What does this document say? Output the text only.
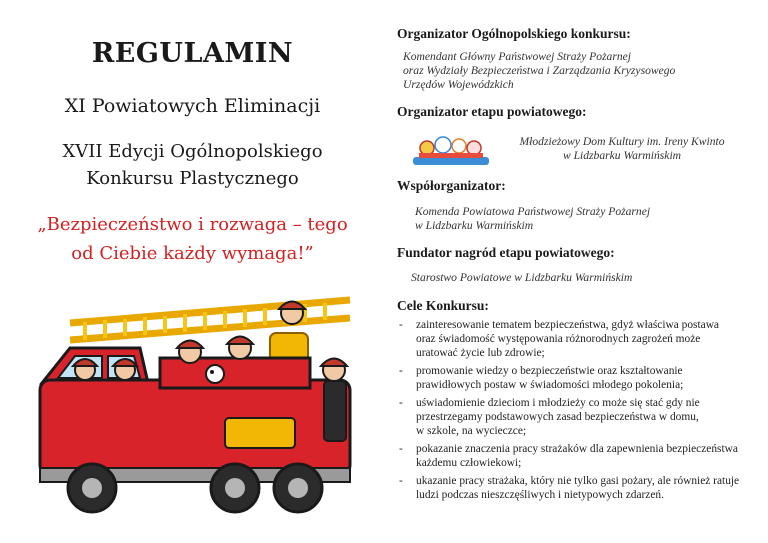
REGULAMIN
XI Powiatowych Eliminacji
XVII Edycji Ogólnopolskiego
Konkursu Plastycznego
„Bezpieczeństwo i rozwaga – tego
od Ciebie każdy wymaga!”
Organizator Ogólnopolskiego konkursu:
Komendant Główny Państwowej Straży Pożarnej
oraz Wydziały Bezpieczeństwa i Zarządzania Kryzysowego
Urzędów Wojewódzkich
Organizator etapu powiatowego:
Młodzieżowy Dom Kultury im. Ireny Kwinto
w Lidzbarku Warmińskim
Współorganizator:
Komenda Powiatowa Państwowej Straży Pożarnej
w Lidzbarku Warmińskim
Fundator nagród etapu powiatowego:
Starostwo Powiatowe w Lidzbarku Warmińskim
Cele Konkursu:
- zainteresowanie tematem bezpieczeństwa, gdyż właściwa postawa
oraz świadomość występowania różnorodnych zagrożeń może
uratować życie lub zdrowie;
- promowanie wiedzy o bezpieczeństwie oraz kształtowanie
prawidłowych postaw w świadomości młodego pokolenia;
- uświadomienie dzieciom i młodzieży co może się stać gdy nie
przestrzegamy podstawowych zasad bezpieczeństwa w domu,
w szkole, na wycieczce;
- pokazanie znaczenia pracy strażaków dla zapewnienia bezpieczeństwa
każdemu człowiekowi;
- ukazanie pracy strażaka, który nie tylko gasi pożary, ale również ratuje
ludzi podczas nieszczęśliwych i nietypowych zdarzeń.
